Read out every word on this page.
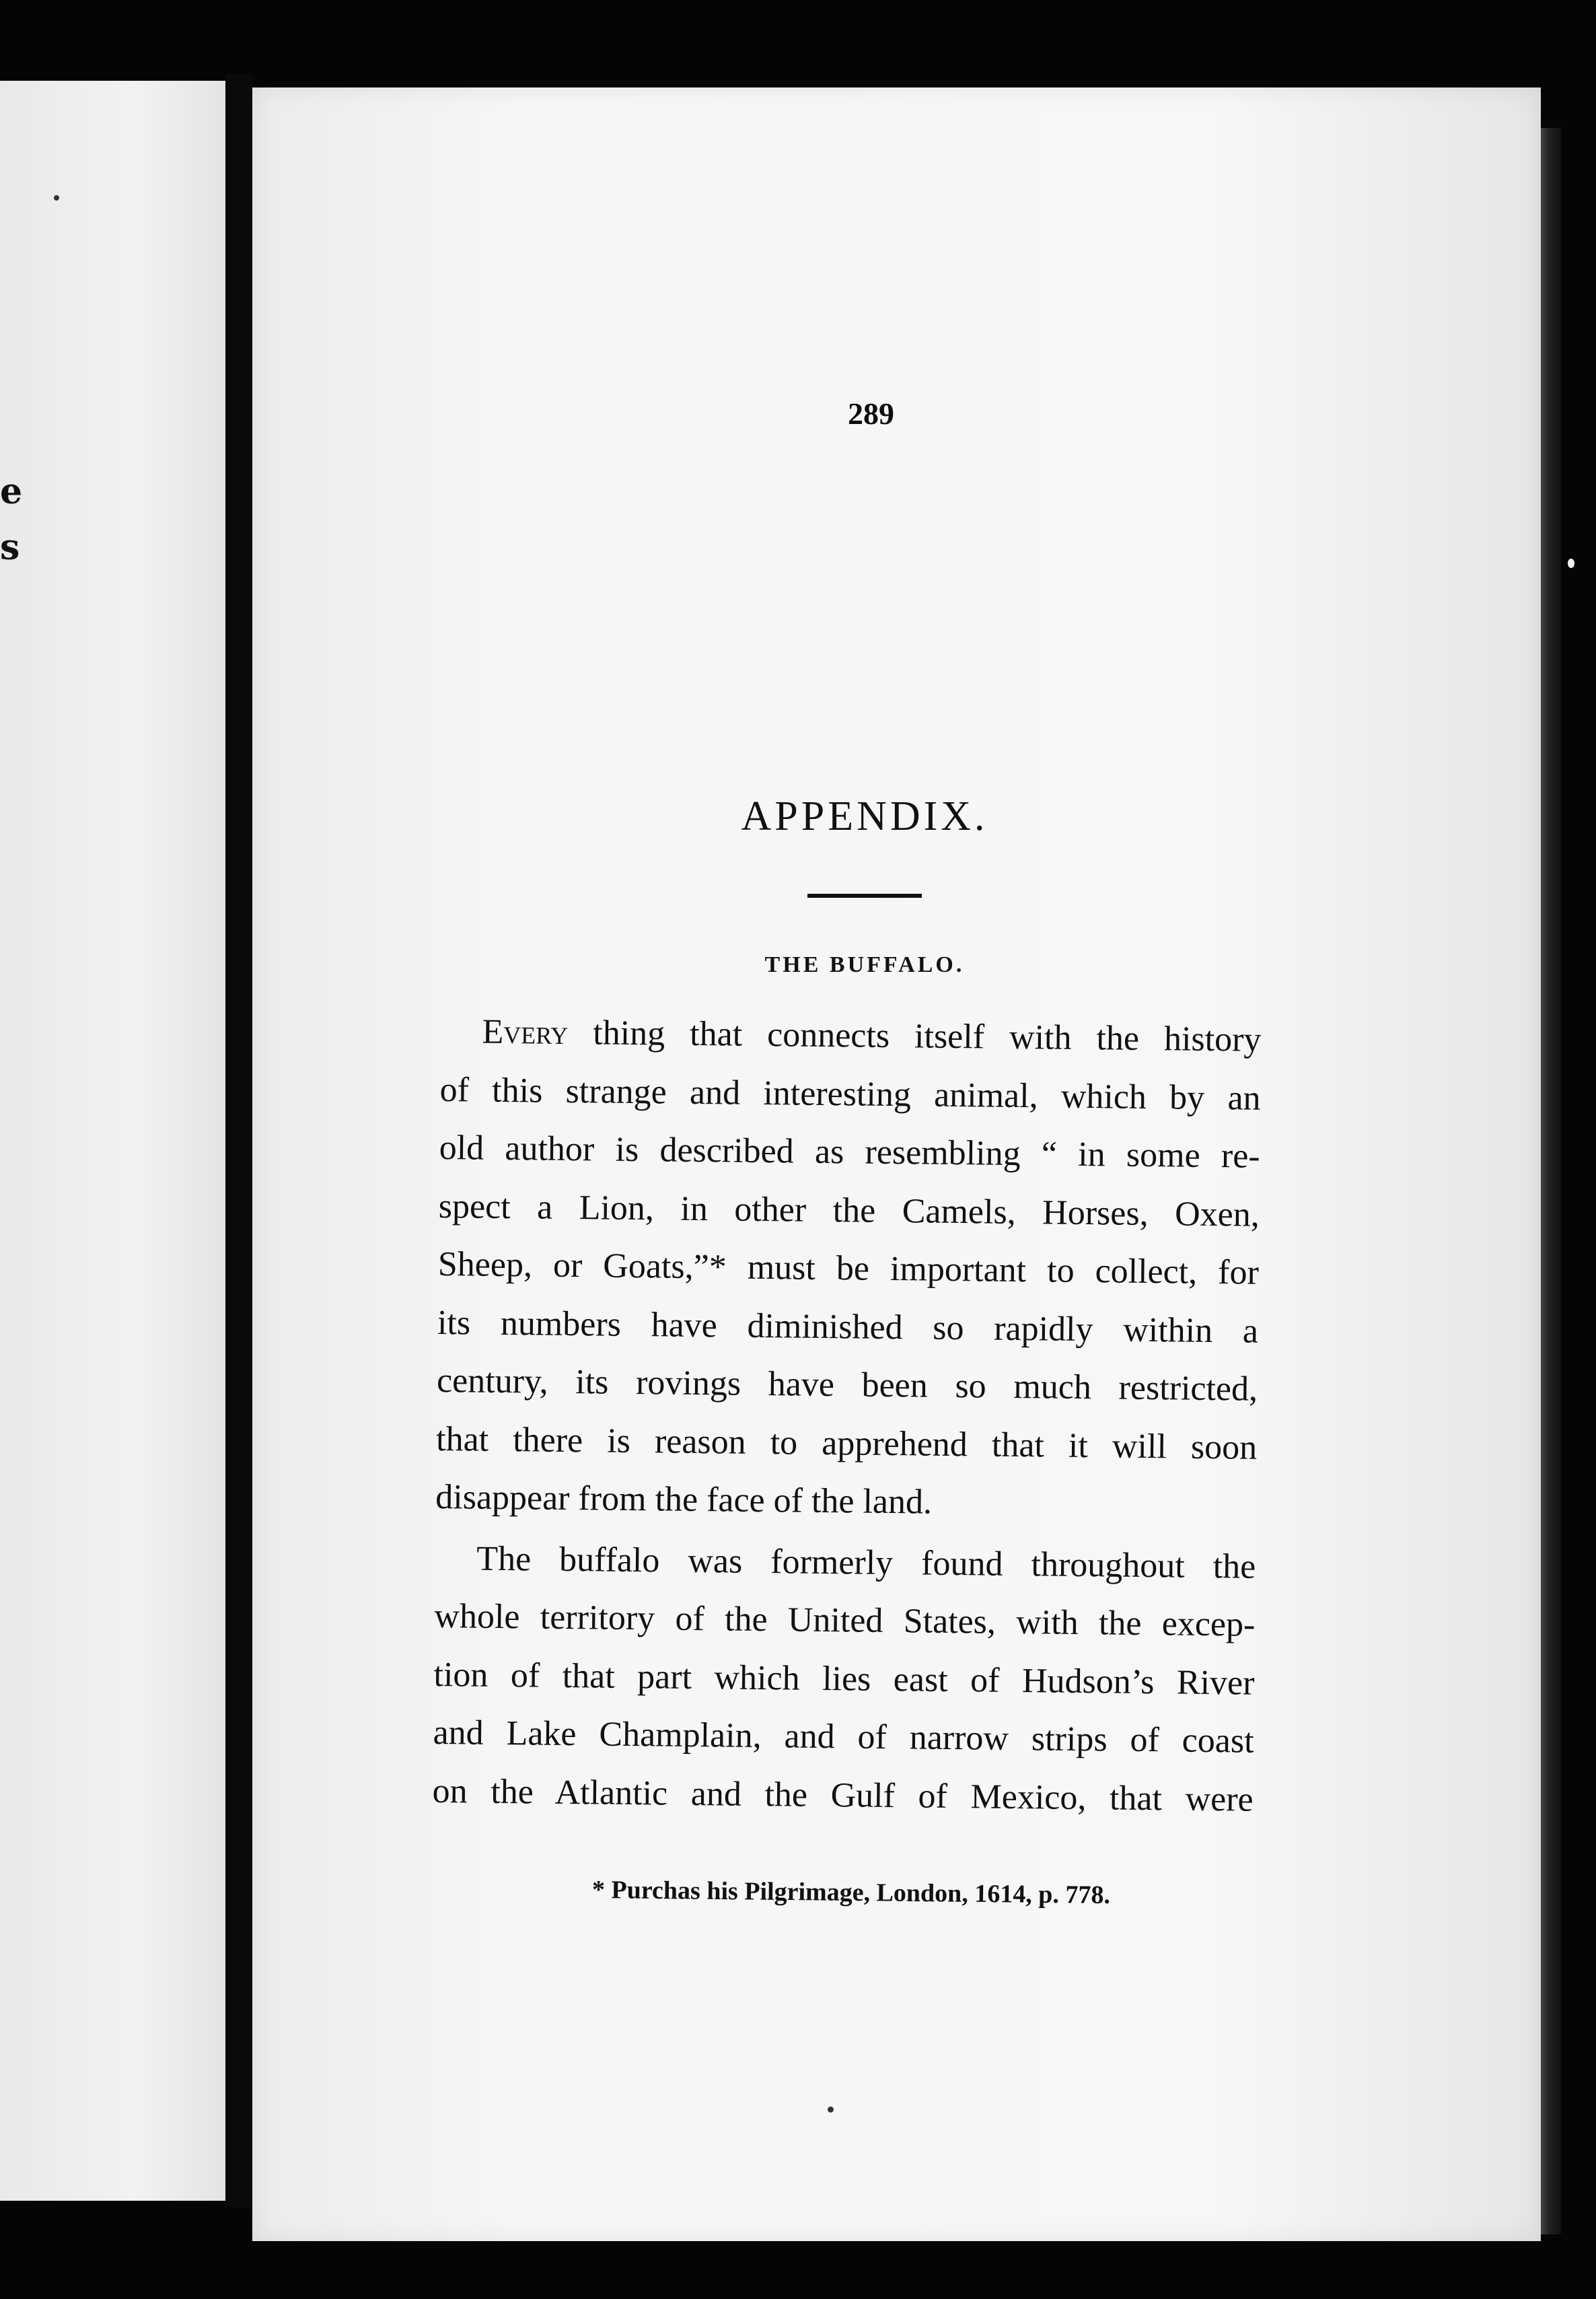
e
s
289
APPENDIX.
THE BUFFALO.
Every thing that connects itself with the history
of this strange and interesting animal, which by an
old author is described as resembling “ in some re-
spect a Lion, in other the Camels, Horses, Oxen,
Sheep, or Goats,”* must be important to collect, for
its numbers have diminished so rapidly within a
century, its rovings have been so much restricted,
that there is reason to apprehend that it will soon
disappear from the face of the land.
The buffalo was formerly found throughout the
whole territory of the United States, with the excep-
tion of that part which lies east of Hudson’s River
and Lake Champlain, and of narrow strips of coast
on the Atlantic and the Gulf of Mexico, that were
* Purchas his Pilgrimage, London, 1614, p. 778.
